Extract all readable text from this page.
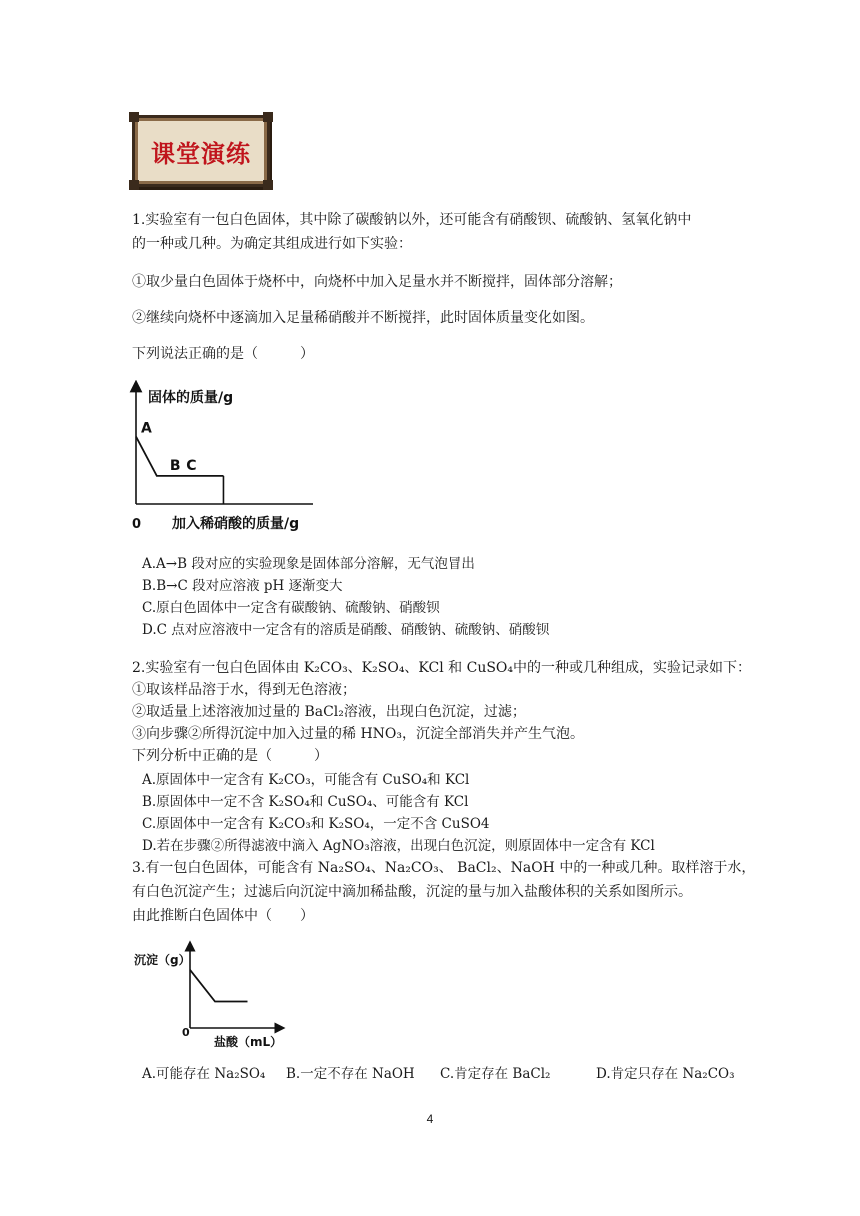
课堂演练
1.实验室有一包白色固体，其中除了碳酸钠以外，还可能含有硝酸钡、硫酸钠、氢氧化钠中
的一种或几种。为确定其组成进行如下实验：
①取少量白色固体于烧杯中，向烧杯中加入足量水并不断搅拌，固体部分溶解；
②继续向烧杯中逐滴加入足量稀硝酸并不断搅拌，此时固体质量变化如图。
下列说法正确的是（　　　）
固体的质量/g
加入稀硝酸的质量/g
0
A
B C
A.A→B 段对应的实验现象是固体部分溶解，无气泡冒出
B.B→C 段对应溶液 pH 逐渐变大
C.原白色固体中一定含有碳酸钠、硫酸钠、硝酸钡
D.C 点对应溶液中一定含有的溶质是硝酸、硝酸钠、硫酸钠、硝酸钡
2.实验室有一包白色固体由 K₂CO₃、K₂SO₄、KCl 和 CuSO₄中的一种或几种组成，实验记录如下：
①取该样品溶于水，得到无色溶液；
②取适量上述溶液加过量的 BaCl₂溶液，出现白色沉淀，过滤；
③向步骤②所得沉淀中加入过量的稀 HNO₃，沉淀全部消失并产生气泡。
下列分析中正确的是（　　　）
A.原固体中一定含有 K₂CO₃，可能含有 CuSO₄和 KCl
B.原固体中一定不含 K₂SO₄和 CuSO₄、可能含有 KCl
C.原固体中一定含有 K₂CO₃和 K₂SO₄，一定不含 CuSO4
D.若在步骤②所得滤液中滴入 AgNO₃溶液，出现白色沉淀，则原固体中一定含有 KCl
3.有一包白色固体，可能含有 Na₂SO₄、Na₂CO₃、 BaCl₂、NaOH 中的一种或几种。取样溶于水，
有白色沉淀产生；过滤后向沉淀中滴加稀盐酸，沉淀的量与加入盐酸体积的关系如图所示。
由此推断白色固体中（　　）
沉淀（g）
盐酸（mL）
0
A.可能存在 Na₂SO₄ B.一定不存在 NaOH C.肯定存在 BaCl₂	D.肯定只存在 Na₂CO₃
4
